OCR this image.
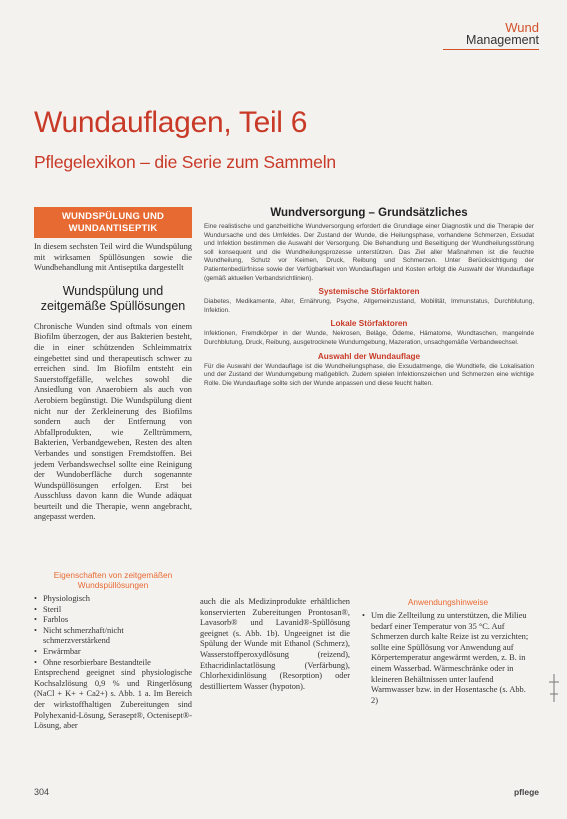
Wund
Management
Wundauflagen, Teil 6
Pflegelexikon – die Serie zum Sammeln
WUNDSPÜLUNG UND WUNDANTISEPTIK

In diesem sechsten Teil wird die Wundspülung mit wirksamen Spüllösungen sowie die Wundbehandlung mit Antiseptika dargestellt

Wundspülung und zeitgemäße Spüllösungen

Chronische Wunden sind oftmals von einem Biofilm überzogen, der aus Bakterien besteht, die in einer schützenden Schleimmatrix eingebettet sind und therapeutisch schwer zu erreichen sind. Im Biofilm entsteht ein Sauerstoffgefälle, welches sowohl die Ansiedlung von Anaerobiern als auch von Aerobiern begünstigt. Die Wundspülung dient nicht nur der Zerkleinerung des Biofilms sondern auch der Entfernung von Abfallprodukten, wie Zelltrümmern, Bakterien, Verbandgeweben, Resten des alten Verbandes und sonstigen Fremdstoffen. Bei jedem Verbandswechsel sollte eine Reinigung der Wundoberfläche durch sogenannte Wundspüllösungen erfolgen. Erst bei Ausschluss davon kann die Wunde adäquat beurteilt und die Therapie, wenn angebracht, angepasst werden.

Wundversorgung – Grundsätzliches

Eine realistische und ganzheitliche Wundversorgung erfordert die Grundlage einer Diagnostik und die Therapie der Wundursache und des Umfeldes. Der Zustand der Wunde, die Heilungsphase, vorhandene Schmerzen, Exsudat und Infektion bestimmen die Auswahl der Versorgung. Die Behandlung und Beseitigung der Wundheilungsstörung soll konsequent und die Wundheilungsprozesse unterstützen. Das Ziel aller Maßnahmen ist die feuchte Wundheilung, Schutz vor Keimen, Druck, Reibung und Schmerzen. Unter Berücksichtigung der Patientenbedürfnisse sowie der Verfügbarkeit von Wundauflagen und Kosten erfolgt die Auswahl der Wundauflage (gemäß aktuellen Verbandsrichtlinien).

Systemische Störfaktoren

Diabetes, Medikamente, Alter, Ernährung, Psyche, Allgemeinzustand, Mobilität, Immunstatus, Durchblutung, Infektion.

Lokale Störfaktoren

Infektionen, Fremdkörper in der Wunde, Nekrosen, Beläge, Ödeme, Hämatome, Wundtaschen, mangelnde Durchblutung, Druck, Reibung, ausgetrocknete Wundumgebung, Mazeration, unsachgemäße Verbandwechsel.

Auswahl der Wundauflage

Für die Auswahl der Wundauflage ist die Wundheilungsphase, die Exsudatmenge, die Wundtiefe, die Lokalisation und der Zustand der Wundumgebung maßgeblich. Zudem spielen Infektionszeichen und Schmerzen eine wichtige Rolle. Die Wundauflage sollte sich der Wunde anpassen und diese feucht halten.

Eigenschaften von zeitgemäßen Wundspüllösungen
• Physiologisch
• Steril
• Farblos
• Nicht schmerzhaft/nicht schmerzverstärkend
• Erwärmbar
• Ohne resorbierbare Bestandteile

Entsprechend geeignet sind physiologische Kochsalzlösung 0,9 % und Ringerlösung (NaCl + K+ + Ca2+) s. Abb. 1 a. Im Bereich der wirkstoffhaltigen Zubereitungen sind Polyhexanid-Lösung, Serasept®, Octenisept®-Lösung, aber

auch die als Medizinprodukte erhältlichen konservierten Zubereitungen Prontosan®, Lavasorb® und Lavanid®-Spüllösung geeignet (s. Abb. 1b). Ungeeignet ist die Spülung der Wunde mit Ethanol (Schmerz), Wasserstoffperoxydlösung (reizend), Ethacridinlactatlösung (Verfärbung), Chlorhexidinlösung (Resorption) oder destilliertem Wasser (hypoton).

Anwendungshinweise
• Um die Zellteilung zu unterstützen, die Milieu bedarf einer Temperatur von 35 °C. Auf Schmerzen durch kalte Reize ist zu verzichten; sollte eine Spüllösung vor Anwendung auf Körpertemperatur angewärmt werden, z. B. in einem Wasserbad. Wärmeschränke oder in kleineren Behältnissen unter laufend Warmwasser bzw. in der Hosentasche (s. Abb. 2)
304	pflege
